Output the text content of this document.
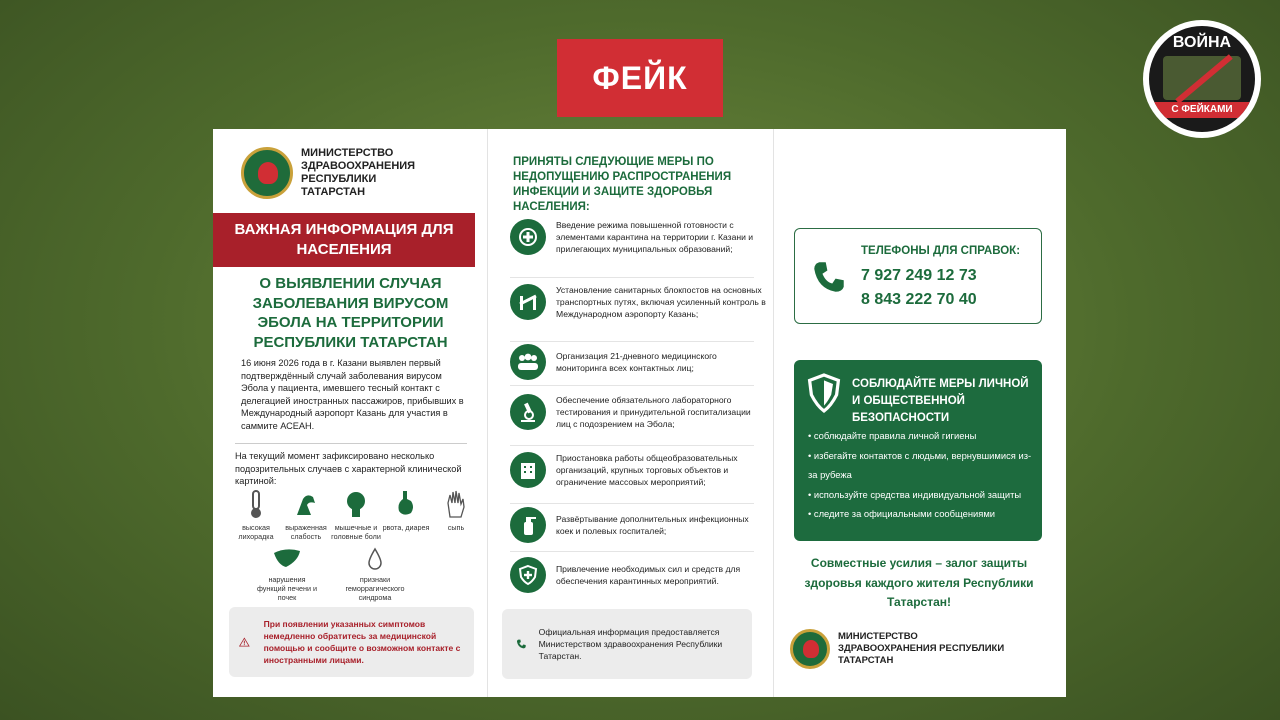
ФЕЙК
ВОЙНА
С ФЕЙКАМИ
МИНИСТЕРСТВО ЗДРАВООХРАНЕНИЯ РЕСПУБЛИКИ ТАТАРСТАН
ВАЖНАЯ ИНФОРМАЦИЯ ДЛЯ НАСЕЛЕНИЯ
О ВЫЯВЛЕНИИ СЛУЧАЯ ЗАБОЛЕВАНИЯ ВИРУСОМ ЭБОЛА НА ТЕРРИТОРИИ РЕСПУБЛИКИ ТАТАРСТАН
16 июня 2026 года в г. Казани выявлен первый подтверждённый случай заболевания вирусом Эбола у пациента, имевшего тесный контакт с делегацией иностранных пассажиров, прибывших в Международный аэропорт Казань для участия в саммите АСЕАН.
На текущий момент зафиксировано несколько подозрительных случаев с характерной клинической картиной:
высокая лихорадка
выраженная слабость
мышечные и головные боли
рвота, диарея	сыпь
нарушения функций печени и почек
признаки геморрагического синдрома
При появлении указанных симптомов немедленно обратитесь за медицинской помощью и сообщите о возможном контакте с иностранными лицами.
ПРИНЯТЫ СЛЕДУЮЩИЕ МЕРЫ ПО НЕДОПУЩЕНИЮ РАСПРОСТРАНЕНИЯ ИНФЕКЦИИ И ЗАЩИТЕ ЗДОРОВЬЯ НАСЕЛЕНИЯ:
Введение режима повышенной готовности с элементами карантина на территории г. Казани и прилегающих муниципальных образований;
Установление санитарных блокпостов на основных транспортных путях, включая усиленный контроль в Международном аэропорту Казань;
Организация 21-дневного медицинского мониторинга всех контактных лиц;
Обеспечение обязательного лабораторного тестирования и принудительной госпитализации лиц с подозрением на Эбола;
Приостановка работы общеобразовательных организаций, крупных торговых объектов и ограничение массовых мероприятий;
Развёртывание дополнительных инфекционных коек и полевых госпиталей;
Привлечение необходимых сил и средств для обеспечения карантинных мероприятий.
Официальная информация предоставляется Министерством здравоохранения Республики Татарстан.
ТЕЛЕФОНЫ ДЛЯ СПРАВОК:
7 927 249 12 73
8 843 222 70 40
СОБЛЮДАЙТЕ МЕРЫ ЛИЧНОЙ И ОБЩЕСТВЕННОЙ БЕЗОПАСНОСТИ
• соблюдайте правила личной гигиены
• избегайте контактов с людьми, вернувшимися из-за рубежа
• используйте средства индивидуальной защиты
• следите за официальными сообщениями
Совместные усилия – залог защиты здоровья каждого жителя Республики Татарстан!
МИНИСТЕРСТВО ЗДРАВООХРАНЕНИЯ РЕСПУБЛИКИ ТАТАРСТАН
